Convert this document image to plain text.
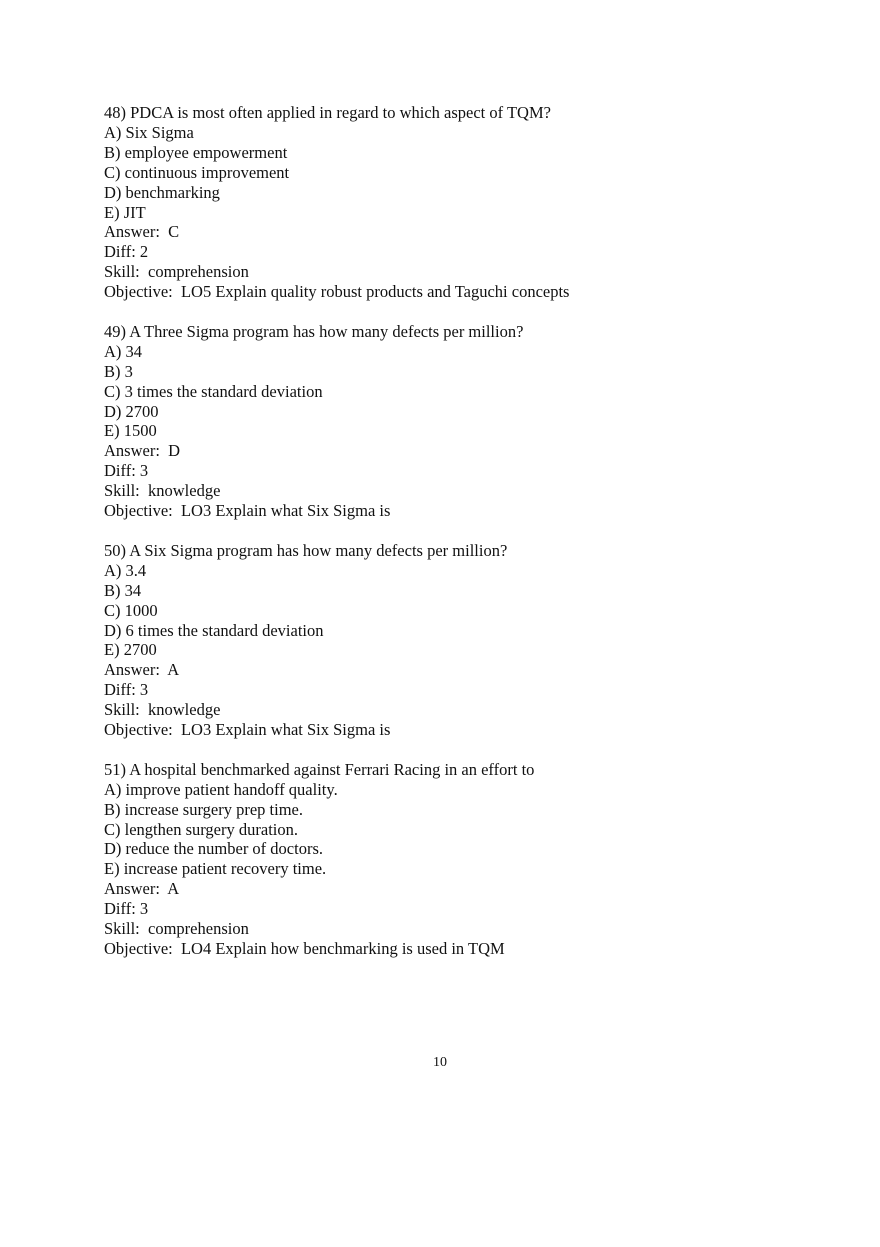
48) PDCA is most often applied in regard to which aspect of TQM?

A) Six Sigma

B) employee empowerment

C) continuous improvement

D) benchmarking

E) JIT

Answer:  C

Diff: 2

Skill:  comprehension

Objective:  LO5 Explain quality robust products and Taguchi concepts

49) A Three Sigma program has how many defects per million?

A) 34

B) 3

C) 3 times the standard deviation

D) 2700

E) 1500

Answer:  D

Diff: 3

Skill:  knowledge

Objective:  LO3 Explain what Six Sigma is

50) A Six Sigma program has how many defects per million?

A) 3.4

B) 34

C) 1000

D) 6 times the standard deviation

E) 2700

Answer:  A

Diff: 3

Skill:  knowledge

Objective:  LO3 Explain what Six Sigma is

51) A hospital benchmarked against Ferrari Racing in an effort to

A) improve patient handoff quality.

B) increase surgery prep time.

C) lengthen surgery duration.

D) reduce the number of doctors.

E) increase patient recovery time.

Answer:  A

Diff: 3

Skill:  comprehension

Objective:  LO4 Explain how benchmarking is used in TQM

10
